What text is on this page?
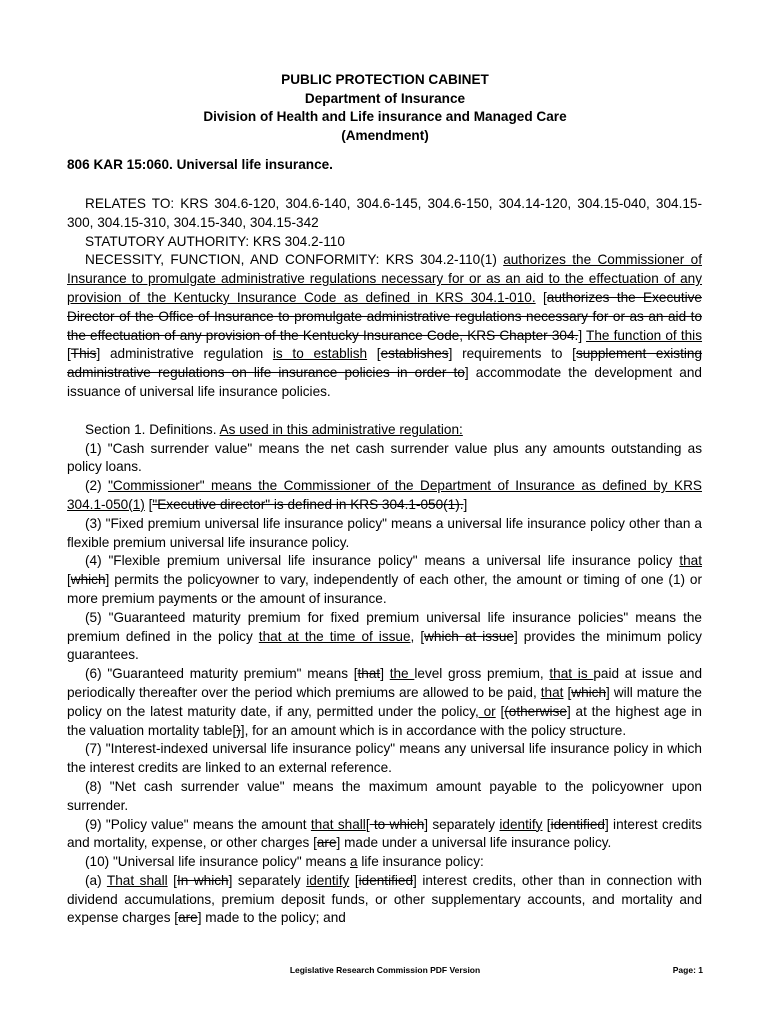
PUBLIC PROTECTION CABINET
Department of Insurance
Division of Health and Life insurance and Managed Care
(Amendment)
806 KAR 15:060. Universal life insurance.

RELATES TO: KRS 304.6-120, 304.6-140, 304.6-145, 304.6-150, 304.14-120, 304.15-040, 304.15-300, 304.15-310, 304.15-340, 304.15-342

STATUTORY AUTHORITY: KRS 304.2-110

NECESSITY, FUNCTION, AND CONFORMITY: KRS 304.2-110(1) authorizes the Commissioner of Insurance to promulgate administrative regulations necessary for or as an aid to the effectuation of any provision of the Kentucky Insurance Code as defined in KRS 304.1-010. [authorizes the Executive Director of the Office of Insurance to promulgate administrative regulations necessary for or as an aid to the effectuation of any provision of the Kentucky Insurance Code, KRS Chapter 304.] The function of this [This] administrative regulation is to establish [establishes] requirements to [supplement existing administrative regulations on life insurance policies in order to] accommodate the development and issuance of universal life insurance policies.

Section 1. Definitions. As used in this administrative regulation:

(1) "Cash surrender value" means the net cash surrender value plus any amounts outstanding as policy loans.

(2) "Commissioner" means the Commissioner of the Department of Insurance as defined by KRS 304.1-050(1) ["Executive director" is defined in KRS 304.1-050(1).]

(3) "Fixed premium universal life insurance policy" means a universal life insurance policy other than a flexible premium universal life insurance policy.

(4) "Flexible premium universal life insurance policy" means a universal life insurance policy that [which] permits the policyowner to vary, independently of each other, the amount or timing of one (1) or more premium payments or the amount of insurance.

(5) "Guaranteed maturity premium for fixed premium universal life insurance policies" means the premium defined in the policy that at the time of issue, [which at issue] provides the minimum policy guarantees.

(6) "Guaranteed maturity premium" means [that] the level gross premium, that is paid at issue and periodically thereafter over the period which premiums are allowed to be paid, that [which] will mature the policy on the latest maturity date, if any, permitted under the policy, or [(otherwise] at the highest age in the valuation mortality table[)], for an amount which is in accordance with the policy structure.

(7) "Interest-indexed universal life insurance policy" means any universal life insurance policy in which the interest credits are linked to an external reference.

(8) "Net cash surrender value" means the maximum amount payable to the policyowner upon surrender.

(9) "Policy value" means the amount that shall[ to which] separately identify [identified] interest credits and mortality, expense, or other charges [are] made under a universal life insurance policy.

(10) "Universal life insurance policy" means a life insurance policy:

(a) That shall [In which] separately identify [identified] interest credits, other than in connection with dividend accumulations, premium deposit funds, or other supplementary accounts, and mortality and expense charges [are] made to the policy; and

Legislative Research Commission PDF Version	Page: 1
